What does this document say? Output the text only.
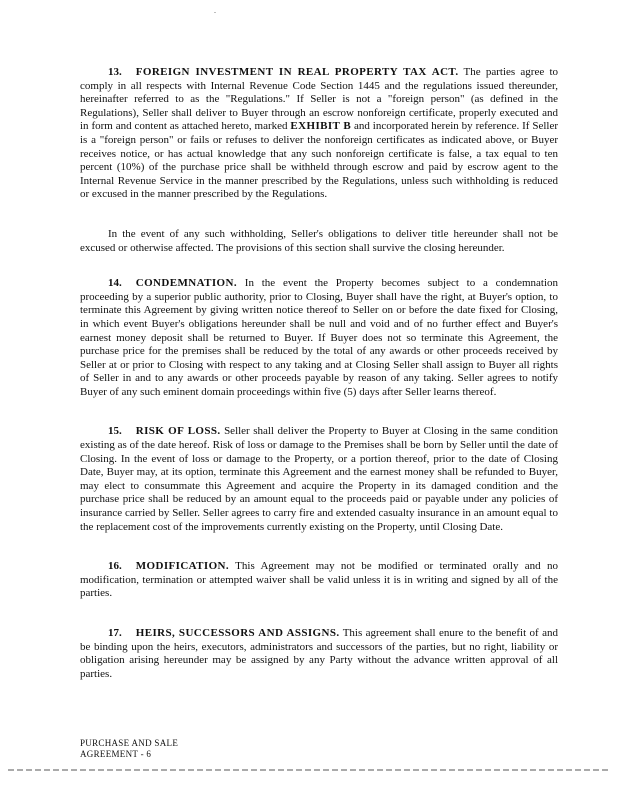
.

13. FOREIGN INVESTMENT IN REAL PROPERTY TAX ACT. The parties agree to comply in all respects with Internal Revenue Code Section 1445 and the regulations issued thereunder, hereinafter referred to as the "Regulations." If Seller is not a "foreign person" (as defined in the Regulations), Seller shall deliver to Buyer through an escrow nonforeign certificate, properly executed and in form and content as attached hereto, marked EXHIBIT B and incorporated herein by reference. If Seller is a "foreign person" or fails or refuses to deliver the nonforeign certificates as indicated above, or Buyer receives notice, or has actual knowledge that any such nonforeign certificate is false, a tax equal to ten percent (10%) of the purchase price shall be withheld through escrow and paid by escrow agent to the Internal Revenue Service in the manner prescribed by the Regulations, unless such withholding is reduced or excused in the manner prescribed by the Regulations.

In the event of any such withholding, Seller's obligations to deliver title hereunder shall not be excused or otherwise affected. The provisions of this section shall survive the closing hereunder.

14. CONDEMNATION. In the event the Property becomes subject to a condemnation proceeding by a superior public authority, prior to Closing, Buyer shall have the right, at Buyer's option, to terminate this Agreement by giving written notice thereof to Seller on or before the date fixed for Closing, in which event Buyer's obligations hereunder shall be null and void and of no further effect and Buyer's earnest money deposit shall be returned to Buyer. If Buyer does not so terminate this Agreement, the purchase price for the premises shall be reduced by the total of any awards or other proceeds received by Seller at or prior to Closing with respect to any taking and at Closing Seller shall assign to Buyer all rights of Seller in and to any awards or other proceeds payable by reason of any taking. Seller agrees to notify Buyer of any such eminent domain proceedings within five (5) days after Seller learns thereof.

15. RISK OF LOSS. Seller shall deliver the Property to Buyer at Closing in the same condition existing as of the date hereof. Risk of loss or damage to the Premises shall be born by Seller until the date of Closing. In the event of loss or damage to the Property, or a portion thereof, prior to the date of Closing Date, Buyer may, at its option, terminate this Agreement and the earnest money shall be refunded to Buyer, may elect to consummate this Agreement and acquire the Property in its damaged condition and the purchase price shall be reduced by an amount equal to the proceeds paid or payable under any policies of insurance carried by Seller. Seller agrees to carry fire and extended casualty insurance in an amount equal to the replacement cost of the improvements currently existing on the Property, until Closing Date.

16. MODIFICATION. This Agreement may not be modified or terminated orally and no modification, termination or attempted waiver shall be valid unless it is in writing and signed by all of the parties.

17. HEIRS, SUCCESSORS AND ASSIGNS. This agreement shall enure to the benefit of and be binding upon the heirs, executors, administrators and successors of the parties, but no right, liability or obligation arising hereunder may be assigned by any Party without the advance written approval of all parties.

PURCHASE AND SALE
AGREEMENT - 6
